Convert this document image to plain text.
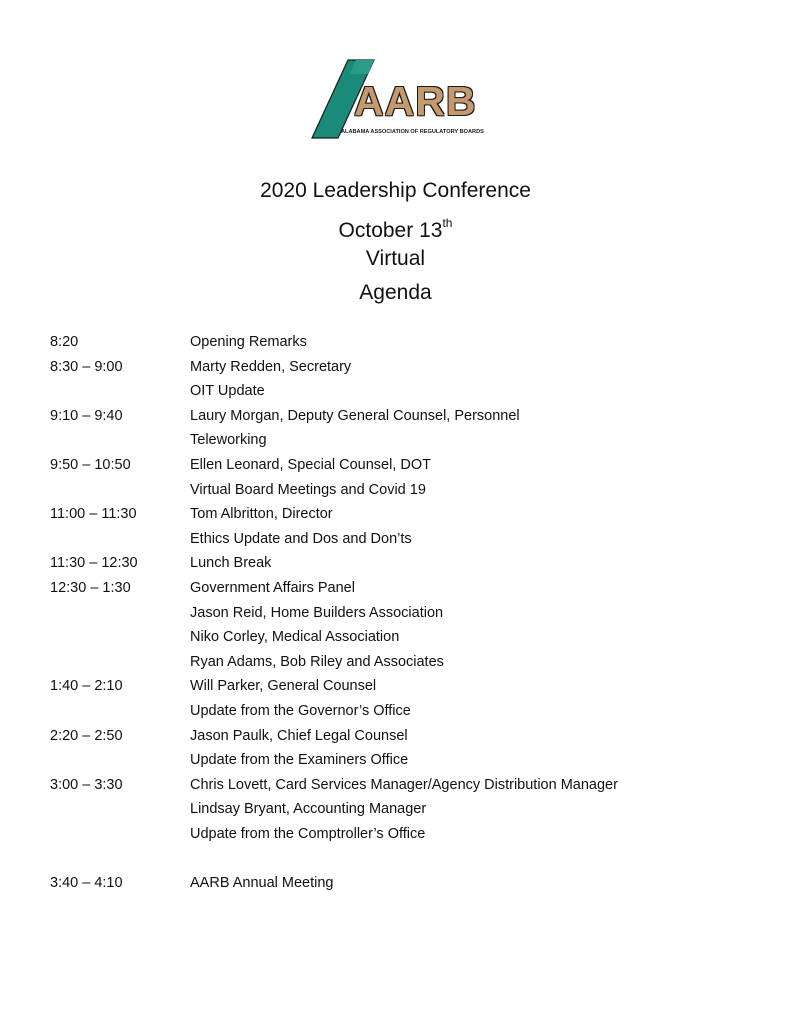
AARB
ALABAMA ASSOCIATION OF REGULATORY BOARDS
2020 Leadership Conference
October 13th
Virtual
Agenda
8:20	Opening Remarks
8:30 – 9:00	Marty Redden, Secretary
OIT Update
9:10 – 9:40	Laury Morgan, Deputy General Counsel, Personnel
Teleworking
9:50 – 10:50	Ellen Leonard, Special Counsel, DOT
Virtual Board Meetings and Covid 19
11:00 – 11:30	Tom Albritton, Director
Ethics Update and Dos and Don’ts
11:30 – 12:30	Lunch Break
12:30 – 1:30	Government Affairs Panel
Jason Reid, Home Builders Association
Niko Corley, Medical Association
Ryan Adams, Bob Riley and Associates
1:40 – 2:10	Will Parker, General Counsel
Update from the Governor’s Office
2:20 – 2:50	Jason Paulk, Chief Legal Counsel
Update from the Examiners Office
3:00 – 3:30	Chris Lovett, Card Services Manager/Agency Distribution Manager
Lindsay Bryant, Accounting Manager
Udpate from the Comptroller’s Office
3:40 – 4:10	AARB Annual Meeting
